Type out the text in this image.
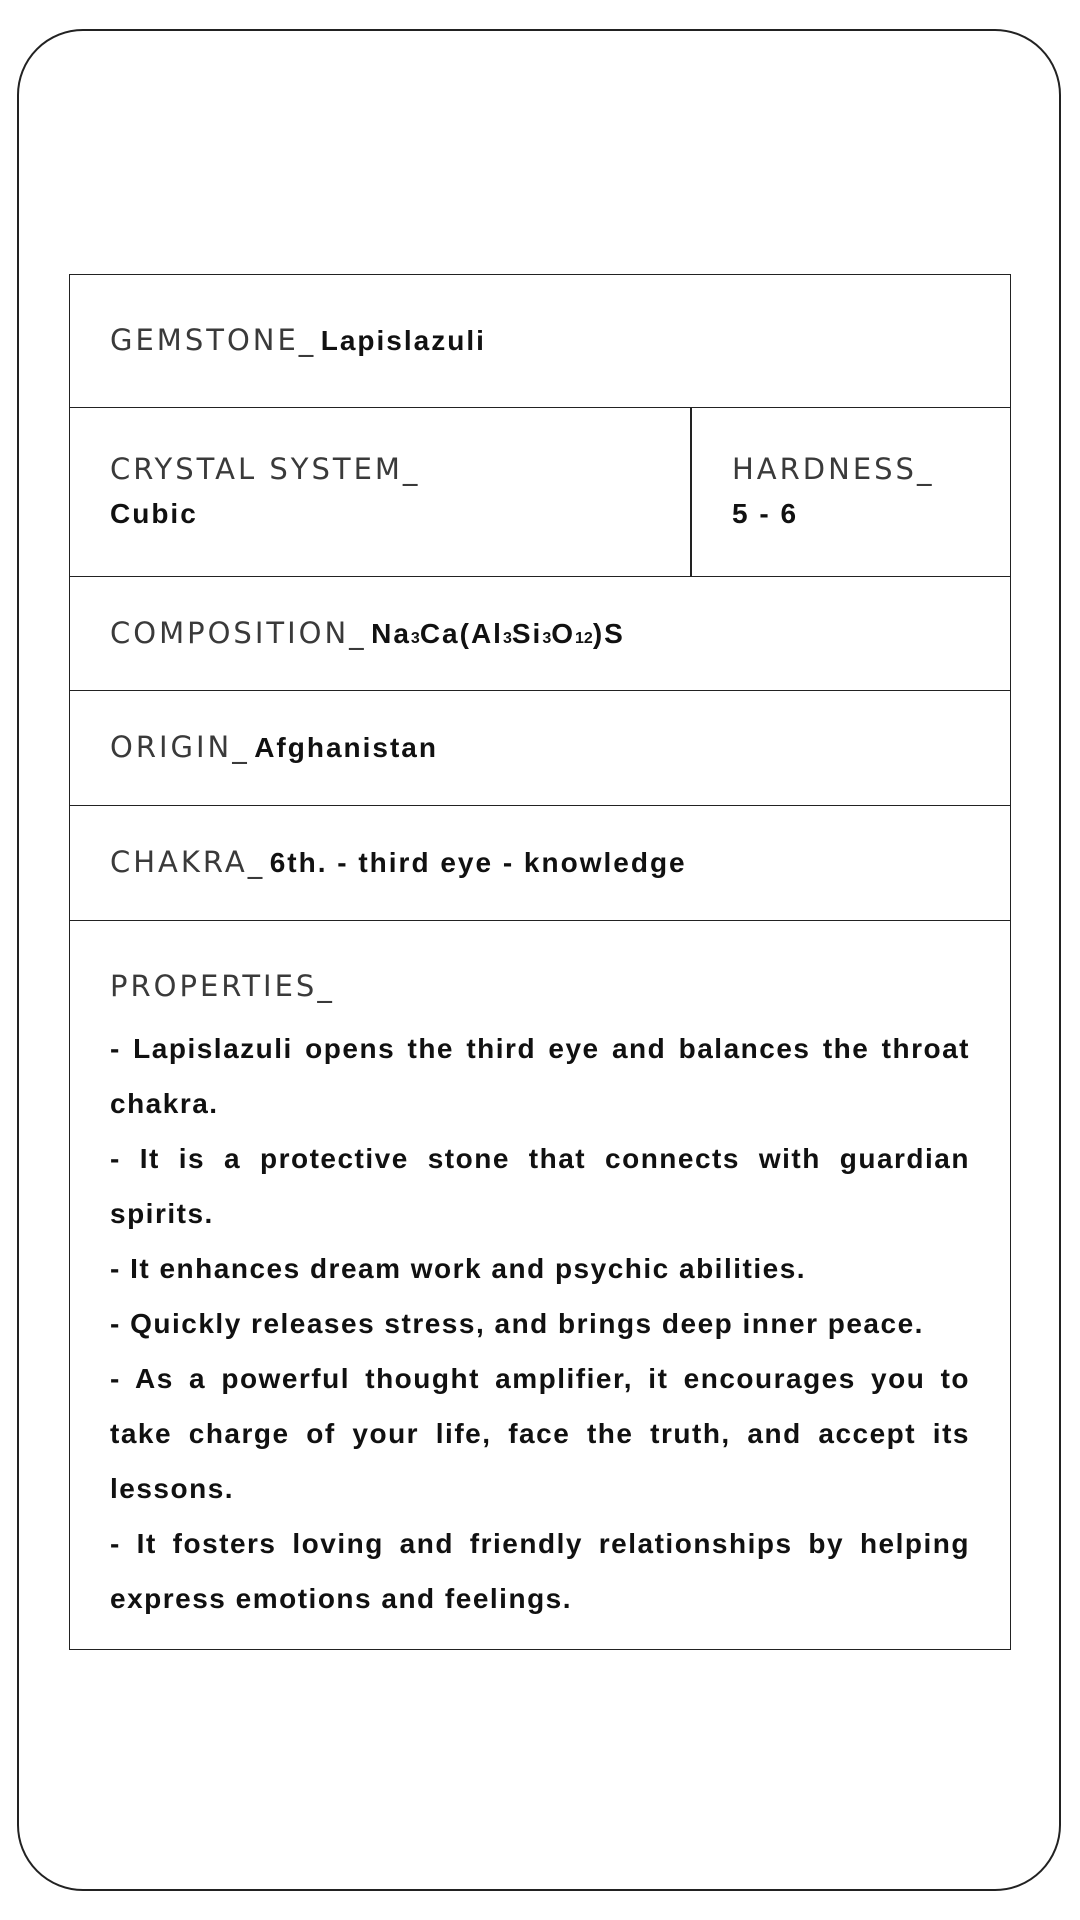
GEMSTONE_ Lapislazuli
CRYSTAL SYSTEM_
Cubic
HARDNESS_
5 - 6
COMPOSITION_ Na3Ca(Al3Si3O12)S
ORIGIN_ Afghanistan
CHAKRA_ 6th. - third eye - knowledge
PROPERTIES_
- Lapislazuli opens the third eye and balances the throat chakra.
- It is a protective stone that connects with guardian spirits.
- It enhances dream work and psychic abilities.
- Quickly releases stress, and brings deep inner peace.
- As a powerful thought amplifier, it encourages you to take charge of your life, face the truth, and accept its lessons.
- It fosters loving and friendly relationships by helping express emotions and feelings.
